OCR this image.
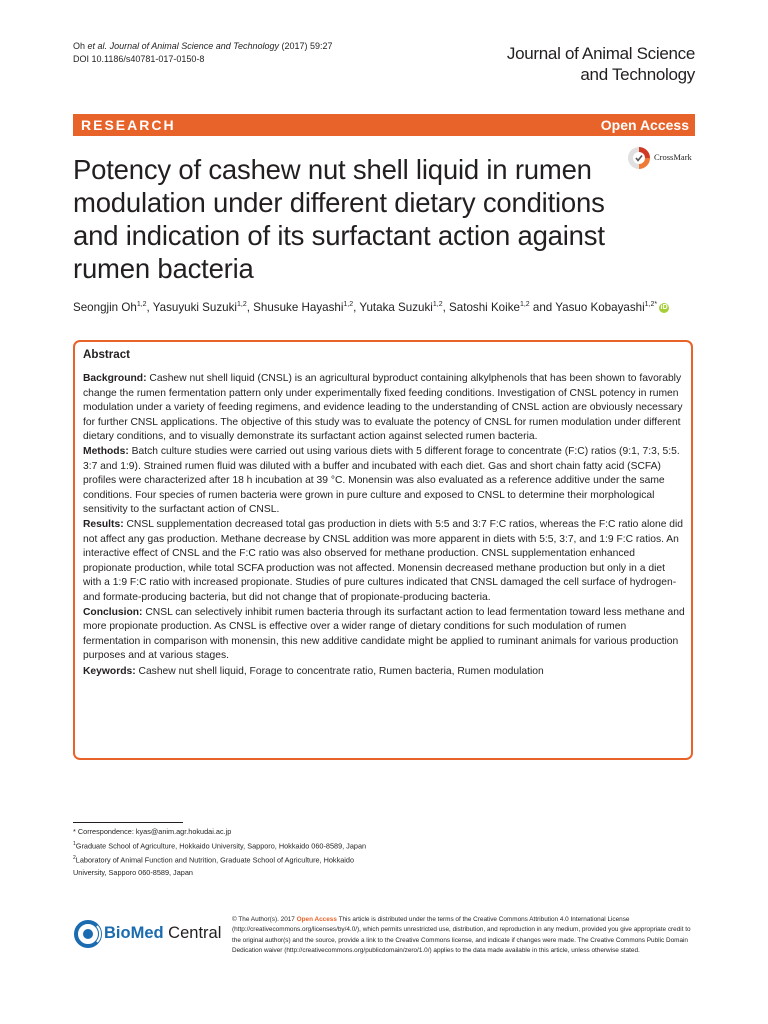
Oh et al. Journal of Animal Science and Technology (2017) 59:27
DOI 10.1186/s40781-017-0150-8	Journal of Animal Science
and Technology
RESEARCH	Open Access
Potency of cashew nut shell liquid in rumen modulation under different dietary conditions and indication of its surfactant action against rumen bacteria
CrossMark
Seongjin Oh$^{1,2}$, Yasuyuki Suzuki$^{1,2}$, Shusuke Hayashi$^{1,2}$, Yutaka Suzuki$^{1,2}$, Satoshi Koike$^{1,2}$ and Yasuo Kobayashi$^{1,2*}$ iD
Abstract

Background: Cashew nut shell liquid (CNSL) is an agricultural byproduct containing alkylphenols that has been shown to favorably change the rumen fermentation pattern only under experimentally fixed feeding conditions. Investigation of CNSL potency in rumen modulation under a variety of feeding regimens, and evidence leading to the understanding of CNSL action are obviously necessary for further CNSL applications. The objective of this study was to evaluate the potency of CNSL for rumen modulation under different dietary conditions, and to visually demonstrate its surfactant action against selected rumen bacteria.

Methods: Batch culture studies were carried out using various diets with 5 different forage to concentrate (F:C) ratios (9:1, 7:3, 5:5. 3:7 and 1:9). Strained rumen fluid was diluted with a buffer and incubated with each diet. Gas and short chain fatty acid (SCFA) profiles were characterized after 18 h incubation at 39 °C. Monensin was also evaluated as a reference additive under the same conditions. Four species of rumen bacteria were grown in pure culture and exposed to CNSL to determine their morphological sensitivity to the surfactant action of CNSL.

Results: CNSL supplementation decreased total gas production in diets with 5:5 and 3:7 F:C ratios, whereas the F:C ratio alone did not affect any gas production. Methane decrease by CNSL addition was more apparent in diets with 5:5, 3:7, and 1:9 F:C ratios. An interactive effect of CNSL and the F:C ratio was also observed for methane production. CNSL supplementation enhanced propionate production, while total SCFA production was not affected. Monensin decreased methane production but only in a diet with a 1:9 F:C ratio with increased propionate. Studies of pure cultures indicated that CNSL damaged the cell surface of hydrogen- and formate-producing bacteria, but did not change that of propionate-producing bacteria.

Conclusion: CNSL can selectively inhibit rumen bacteria through its surfactant action to lead fermentation toward less methane and more propionate production. As CNSL is effective over a wider range of dietary conditions for such modulation of rumen fermentation in comparison with monensin, this new additive candidate might be applied to ruminant animals for various production purposes and at various stages.

Keywords: Cashew nut shell liquid, Forage to concentrate ratio, Rumen bacteria, Rumen modulation

* Correspondence: kyas@anim.agr.hokudai.ac.jp
$^1$Graduate School of Agriculture, Hokkaido University, Sapporo, Hokkaido 060-8589, Japan
$^2$Laboratory of Animal Function and Nutrition, Graduate School of Agriculture, Hokkaido University, Sapporo 060-8589, Japan
BioMed Central
© The Author(s). 2017 Open Access This article is distributed under the terms of the Creative Commons Attribution 4.0 International License (http://creativecommons.org/licenses/by/4.0/), which permits unrestricted use, distribution, and reproduction in any medium, provided you give appropriate credit to the original author(s) and the source, provide a link to the Creative Commons license, and indicate if changes were made. The Creative Commons Public Domain Dedication waiver (http://creativecommons.org/publicdomain/zero/1.0/) applies to the data made available in this article, unless otherwise stated.
